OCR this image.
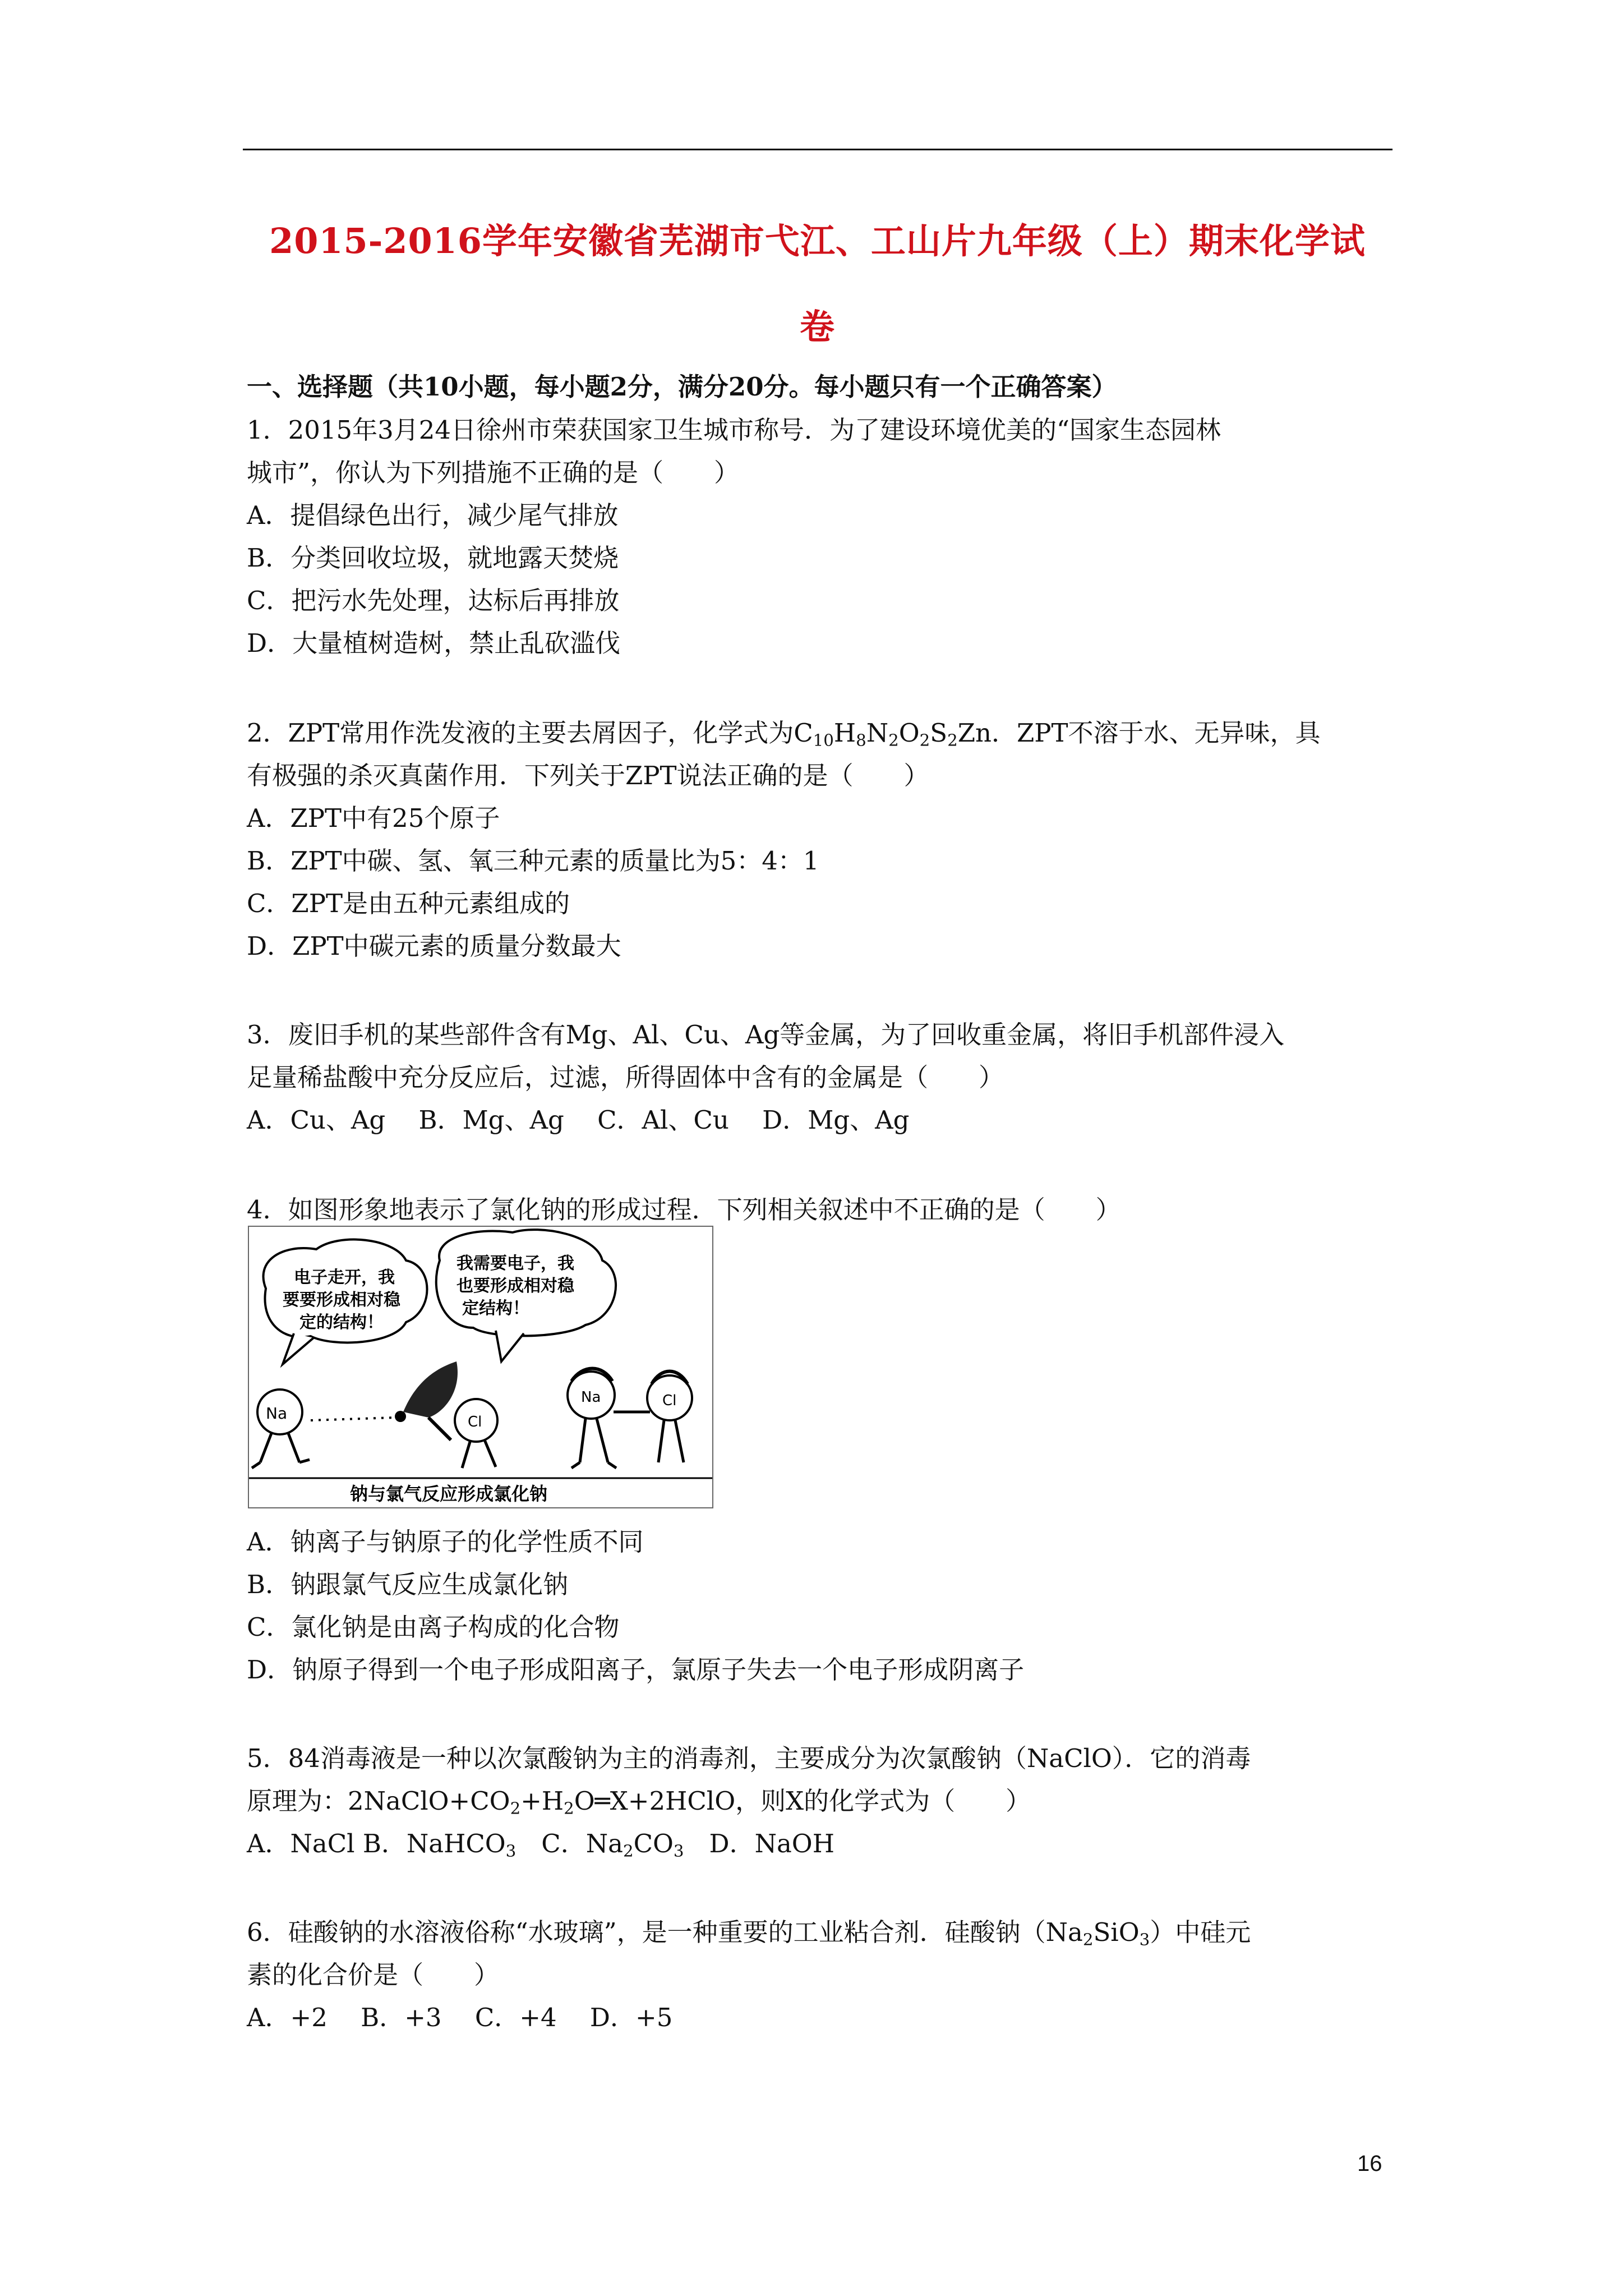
2015-2016学年安徽省芜湖市弋江、工山片九年级（上）期末化学试
卷
一、选择题（共10小题，每小题2分，满分20分。每小题只有一个正确答案）
1．2015年3月24日徐州市荣获国家卫生城市称号．为了建设环境优美的“国家生态园林
城市”，你认为下列措施不正确的是（　　）
A．提倡绿色出行，减少尾气排放
B．分类回收垃圾，就地露天焚烧
C．把污水先处理，达标后再排放
D．大量植树造树，禁止乱砍滥伐
2．ZPT常用作洗发液的主要去屑因子，化学式为$C_{10}H_8N_2O_2S_2Zn$．ZPT不溶于水、无异味，具
有极强的杀灭真菌作用．下列关于ZPT说法正确的是（　　）
A．ZPT中有25个原子
B．ZPT中碳、氢、氧三种元素的质量比为5：4：1
C．ZPT是由五种元素组成的
D．ZPT中碳元素的质量分数最大
3．废旧手机的某些部件含有Mg、Al、Cu、Ag等金属，为了回收重金属，将旧手机部件浸入
足量稀盐酸中充分反应后，过滤，所得固体中含有的金属是（　　）
A．Cu、Ag　 B．Mg、Ag　 C．Al、Cu　 D．Mg、Ag
4．如图形象地表示了氯化钠的形成过程．下列相关叙述中不正确的是（　　）
电子走开，我
要要形成相对稳
定的结构！
我需要电子，我
也要形成相对稳
定结构！
Na	Cl
Na	Cl
钠与氯气反应形成氯化钠
A．钠离子与钠原子的化学性质不同
B．钠跟氯气反应生成氯化钠
C．氯化钠是由离子构成的化合物
D．钠原子得到一个电子形成阳离子，氯原子失去一个电子形成阴离子
5．84消毒液是一种以次氯酸钠为主的消毒剂，主要成分为次氯酸钠（NaClO）．它的消毒
原理为：$2NaClO+CO_2+H_2O═X+2HClO$，则X的化学式为（　　）
A．NaCl B．NaHCO$_3$　C．$Na_2CO_3$　D．NaOH
6．硅酸钠的水溶液俗称“水玻璃”，是一种重要的工业粘合剂．硅酸钠$(Na_2SiO_3)$中硅元
素的化合价是（　　）
A．+2　 B．+3　 C．+4　 D．+5
16
